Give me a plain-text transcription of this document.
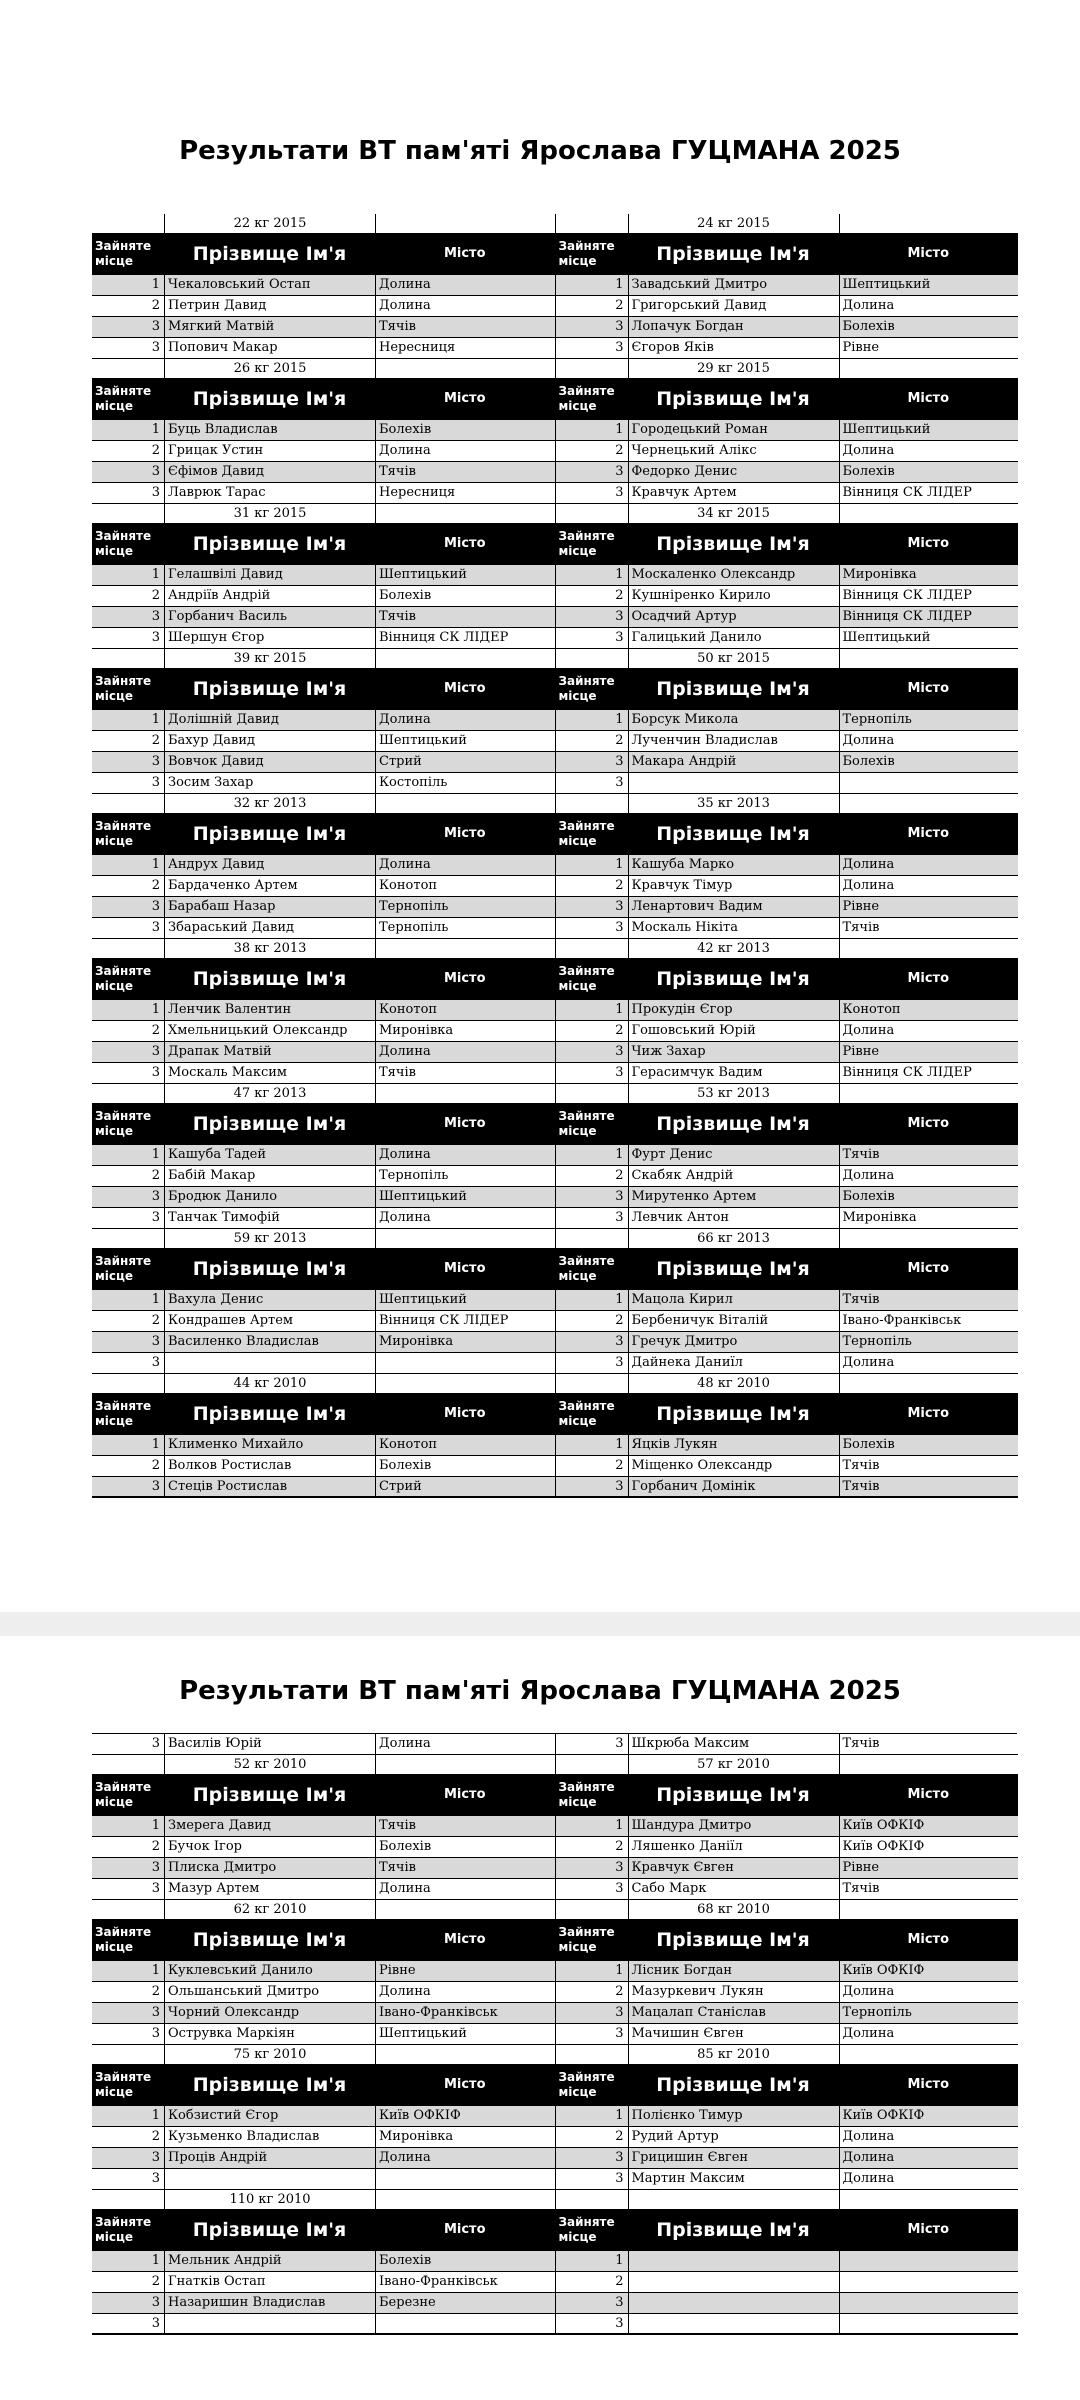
Результати ВТ пам'яті Ярослава ГУЦМАНА 2025
22 кг 2015	24 кг 2015
Зайняте місце	Прізвище Ім'я	Місто	Зайняте місце	Прізвище Ім'я	Місто
1 Чекаловський Остап	Долина	1 Завадський Дмитро	Шептицький
2 Петрин Давид	Долина	2 Григорський Давид	Долина
3 Мягкий Матвій	Тячів	3 Лопачук Богдан	Болехів
3 Попович Макар	Нересниця	3 Єгоров Яків	Рівне
26 кг 2015	29 кг 2015
Зайняте місце	Прізвище Ім'я	Місто	Зайняте місце	Прізвище Ім'я	Місто
1 Буць Владислав	Болехів	1 Городецький Роман	Шептицький
2 Грицак Устин	Долина	2 Чернецький Алікс	Долина
3 Єфімов Давид	Тячів	3 Федорко Денис	Болехів
3 Лаврюк Тарас	Нересниця	3 Кравчук Артем	Вінниця СК ЛІДЕР
31 кг 2015	34 кг 2015
Зайняте місце	Прізвище Ім'я	Місто	Зайняте місце	Прізвище Ім'я	Місто
1 Гелашвілі Давид	Шептицький	1 Москаленко Олександр	Миронівка
2 Андріїв Андрій	Болехів	2 Кушніренко Кирило	Вінниця СК ЛІДЕР
3 Горбанич Василь	Тячів	3 Осадчий Артур	Вінниця СК ЛІДЕР
3 Шершун Єгор	Вінниця СК ЛІДЕР	3 Галицький Данило	Шептицький
39 кг 2015	50 кг 2015
Зайняте місце	Прізвище Ім'я	Місто	Зайняте місце	Прізвище Ім'я	Місто
1 Долішній Давид	Долина	1 Борсук Микола	Тернопіль
2 Бахур Давид	Шептицький	2 Лученчин Владислав	Долина
3 Вовчок Давид	Стрий	3 Макара Андрій	Болехів
3 Зосим Захар	Костопіль	3
32 кг 2013	35 кг 2013
Зайняте місце	Прізвище Ім'я	Місто	Зайняте місце	Прізвище Ім'я	Місто
1 Андрух Давид	Долина	1 Кашуба Марко	Долина
2 Бардаченко Артем	Конотоп	2 Кравчук Тімур	Долина
3 Барабаш Назар	Тернопіль	3 Ленартович Вадим	Рівне
3 Збараський Давид	Тернопіль	3 Москаль Нікіта	Тячів
38 кг 2013	42 кг 2013
Зайняте місце	Прізвище Ім'я	Місто	Зайняте місце	Прізвище Ім'я	Місто
1 Ленчик Валентин	Конотоп	1 Прокудін Єгор	Конотоп
2 Хмельницький Олександр	Миронівка	2 Гошовський Юрій	Долина
3 Драпак Матвій	Долина	3 Чиж Захар	Рівне
3 Москаль Максим	Тячів	3 Герасимчук Вадим	Вінниця СК ЛІДЕР
47 кг 2013	53 кг 2013
Зайняте місце	Прізвище Ім'я	Місто	Зайняте місце	Прізвище Ім'я	Місто
1 Кашуба Тадей	Долина	1 Фурт Денис	Тячів
2 Бабій Макар	Тернопіль	2 Скабяк Андрій	Долина
3 Бродюк Данило	Шептицький	3 Мирутенко Артем	Болехів
3 Танчак Тимофій	Долина	3 Левчик Антон	Миронівка
59 кг 2013	66 кг 2013
Зайняте місце	Прізвище Ім'я	Місто	Зайняте місце	Прізвище Ім'я	Місто
1 Вахула Денис	Шептицький	1 Мацола Кирил	Тячів
2 Кондрашев Артем	Вінниця СК ЛІДЕР	2 Бербеничук Віталій	Івано-Франківськ
3 Василенко Владислав	Миронівка	3 Гречук Дмитро	Тернопіль
3	3 Дайнека Даниїл	Долина
44 кг 2010	48 кг 2010
Зайняте місце	Прізвище Ім'я	Місто	Зайняте місце	Прізвище Ім'я	Місто
1 Клименко Михайло	Конотоп	1 Яцків Лукян	Болехів
2 Волков Ростислав	Болехів	2 Міщенко Олександр	Тячів
3 Стеців Ростислав	Стрий	3 Горбанич Домінік	Тячів
Результати ВТ пам'яті Ярослава ГУЦМАНА 2025
3 Василів Юрій	Долина	3 Шкрюба Максим	Тячів
52 кг 2010	57 кг 2010
Зайняте місце	Прізвище Ім'я	Місто	Зайняте місце	Прізвище Ім'я	Місто
1 Змерега Давид	Тячів	1 Шандура Дмитро	Київ ОФКІФ
2 Бучок Ігор	Болехів	2 Ляшенко Даніїл	Київ ОФКІФ
3 Плиска Дмитро	Тячів	3 Кравчук Євген	Рівне
3 Мазур Артем	Долина	3 Сабо Марк	Тячів
62 кг 2010	68 кг 2010
Зайняте місце	Прізвище Ім'я	Місто	Зайняте місце	Прізвище Ім'я	Місто
1 Куклевський Данило	Рівне	1 Лісник Богдан	Київ ОФКІФ
2 Ольшанський Дмитро	Долина	2 Мазуркевич Лукян	Долина
3 Чорний Олександр	Івано-Франківськ	3 Мацалап Станіслав	Тернопіль
3 Острувка Маркіян	Шептицький	3 Мачишин Євген	Долина
75 кг 2010	85 кг 2010
Зайняте місце	Прізвище Ім'я	Місто	Зайняте місце	Прізвище Ім'я	Місто
1 Кобзистий Єгор	Київ ОФКІФ	1 Полієнко Тимур	Київ ОФКІФ
2 Кузьменко Владислав	Миронівка	2 Рудий Артур	Долина
3 Проців Андрій	Долина	3 Грицишин Євген	Долина
3	3 Мартин Максим	Долина
110 кг 2010
Зайняте місце	Прізвище Ім'я	Місто	Зайняте місце	Прізвище Ім'я	Місто
1 Мельник Андрій	Болехів	1
2 Гнатків Остап	Івано-Франківськ	2
3 Назаришин Владислав	Березне	3
3	3
